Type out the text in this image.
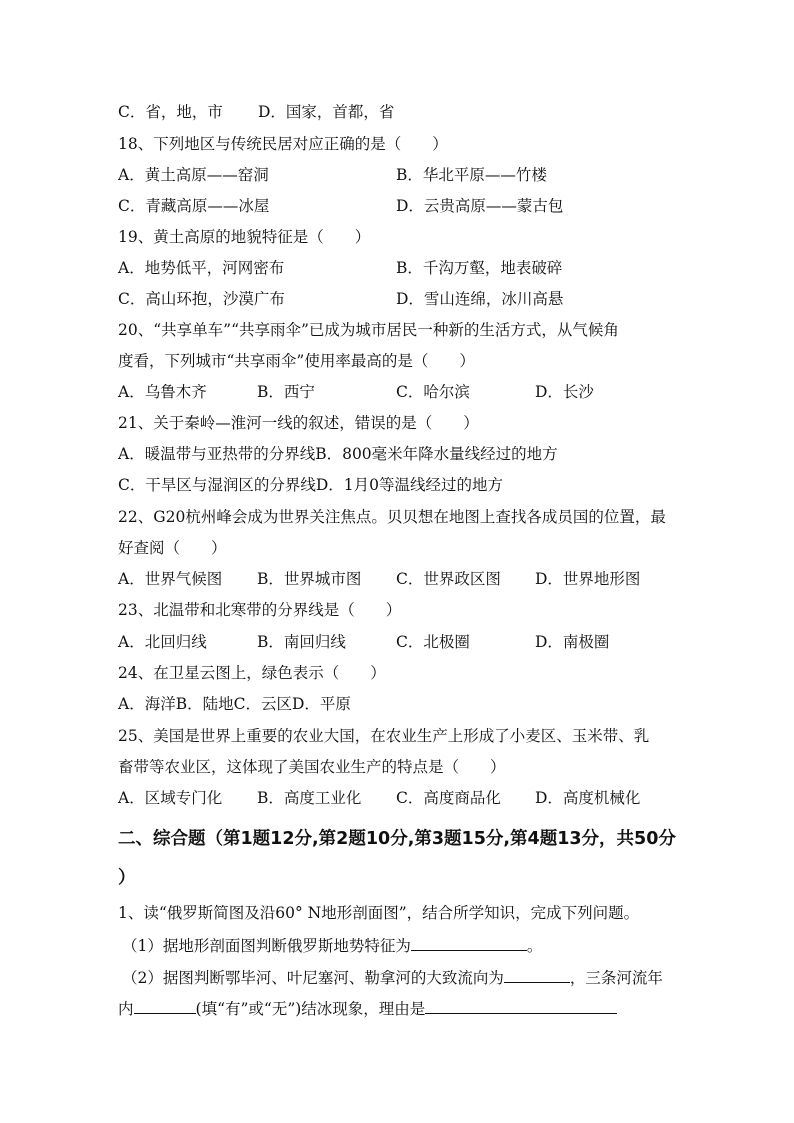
C．省，地，市 D．国家，首都，省
18、下列地区与传统民居对应正确的是（　　）
A．黄土高原——窑洞	B．华北平原——竹楼
C．青藏高原——冰屋	D．云贵高原——蒙古包
19、黄土高原的地貌特征是（　　）
A．地势低平，河网密布	B．千沟万壑，地表破碎
C．高山环抱，沙漠广布	D．雪山连绵，冰川高悬
20、“共享单车”“共享雨伞”已成为城市居民一种新的生活方式，从气候角
度看，下列城市“共享雨伞”使用率最高的是（　　）
A．乌鲁木齐	B．西宁	C．哈尔滨	D．长沙
21、关于秦岭—淮河一线的叙述，错误的是（　　）
A．暖温带与亚热带的分界线B．800毫米年降水量线经过的地方
C．干旱区与湿润区的分界线D．1月0等温线经过的地方
22、G20杭州峰会成为世界关注焦点。贝贝想在地图上查找各成员国的位置，最
好查阅（　　）
A．世界气候图 B．世界城市图 C．世界政区图 D．世界地形图
23、北温带和北寒带的分界线是（　　）
A．北回归线	B．南回归线	C．北极圈	D．南极圈
24、在卫星云图上，绿色表示（　　）
A．海洋B．陆地C．云区D．平原
25、美国是世界上重要的农业大国，在农业生产上形成了小麦区、玉米带、乳
畜带等农业区，这体现了美国农业生产的特点是（　　）
A．区域专门化 B．高度工业化 C．高度商品化 D．高度机械化
二、综合题（第1题12分,第2题10分,第3题15分,第4题13分，共50分
）
1、读“俄罗斯简图及沿60° N地形剖面图”，结合所学知识，完成下列问题。
（1）据地形剖面图判断俄罗斯地势特征为	。
（2）据图判断鄂毕河、叶尼塞河、勒拿河的大致流向为	，三条河流年
内	(填“有”或“无”)结冰现象，理由是
